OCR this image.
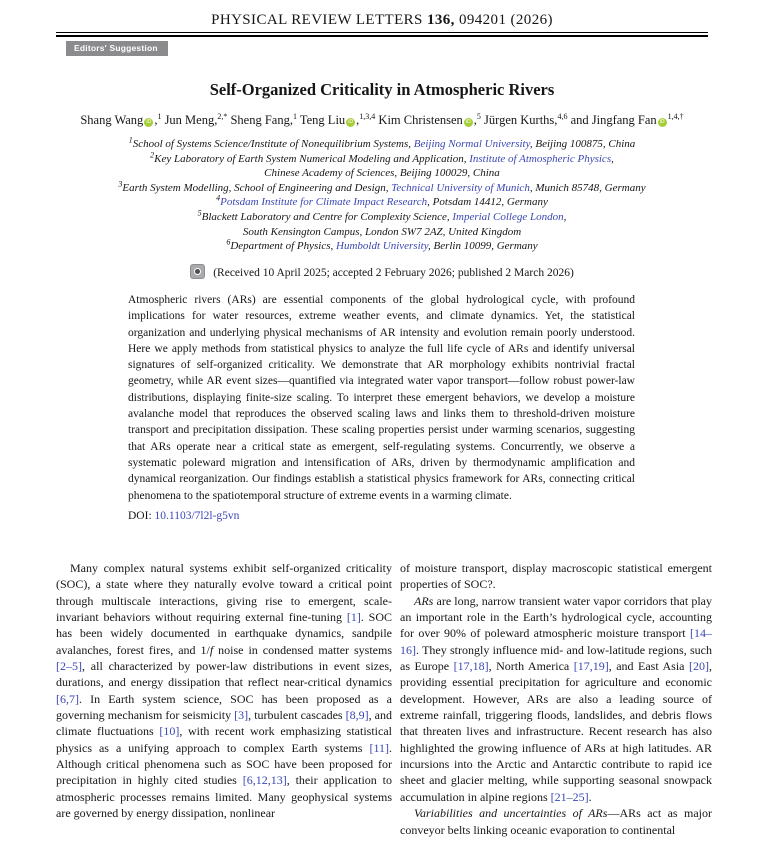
PHYSICAL REVIEW LETTERS 136, 094201 (2026)
Editors' Suggestion
Self-Organized Criticality in Atmospheric Rivers
Shang Wang iD ,$^1$ Jun Meng,$^{2,*}$ Sheng Fang,$^1$ Teng Liu iD ,$^{1,3,4}$ Kim Christensen iD ,$^5$ Jürgen Kurths,$^{4,6}$ and Jingfang Fan $iD^{1,4,\dagger}$
$^1$School of Systems Science/Institute of Nonequilibrium Systems, Beijing Normal University, Beijing 100875, China
$^2$Key Laboratory of Earth System Numerical Modeling and Application, Institute of Atmospheric Physics,
Chinese Academy of Sciences, Beijing 100029, China
$^3$Earth System Modelling, School of Engineering and Design, Technical University of Munich, Munich 85748, Germany
$^4$Potsdam Institute for Climate Impact Research, Potsdam 14412, Germany
$^5$Blackett Laboratory and Centre for Complexity Science, Imperial College London,
South Kensington Campus, London SW7 2AZ, United Kingdom
$^6$Department of Physics, Humboldt University, Berlin 10099, Germany
(Received 10 April 2025; accepted 2 February 2026; published 2 March 2026)
Atmospheric rivers (ARs) are essential components of the global hydrological cycle, with profound implications for water resources, extreme weather events, and climate dynamics. Yet, the statistical organization and underlying physical mechanisms of AR intensity and evolution remain poorly understood. Here we apply methods from statistical physics to analyze the full life cycle of ARs and identify universal signatures of self-organized criticality. We demonstrate that AR morphology exhibits nontrivial fractal geometry, while AR event sizes—quantified via integrated water vapor transport—follow robust power-law distributions, displaying finite-size scaling. To interpret these emergent behaviors, we develop a moisture avalanche model that reproduces the observed scaling laws and links them to threshold-driven moisture transport and precipitation dissipation. These scaling properties persist under warming scenarios, suggesting that ARs operate near a critical state as emergent, self-regulating systems. Concurrently, we observe a systematic poleward migration and intensification of ARs, driven by thermodynamic amplification and dynamical reorganization. Our findings establish a statistical physics framework for ARs, connecting critical phenomena to the spatiotemporal structure of extreme events in a warming climate.
DOI: 10.1103/7l2l-g5vn

Many complex natural systems exhibit self-organized criticality (SOC), a state where they naturally evolve toward a critical point through multiscale interactions, giving rise to emergent, scale-invariant behaviors without requiring external fine-tuning [1]. SOC has been widely documented in earthquake dynamics, sandpile avalanches, forest fires, and 1/f noise in condensed matter systems [2–5], all characterized by power-law distributions in event sizes, durations, and energy dissipation that reflect near-critical dynamics [6,7]. In Earth system science, SOC has been proposed as a governing mechanism for seismicity [3], turbulent cascades [8,9], and climate fluctuations [10], with recent work emphasizing statistical physics as a unifying approach to complex Earth systems [11]. Although critical phenomena such as SOC have been proposed for precipitation in highly cited studies [6,12,13], their application to atmospheric processes remains limited. Many geophysical systems are governed by energy dissipation, nonlinear

of moisture transport, display macroscopic statistical emergent properties of SOC?.

ARs are long, narrow transient water vapor corridors that play an important role in the Earth’s hydrological cycle, accounting for over 90% of poleward atmospheric moisture transport [14–16]. They strongly influence mid- and low-latitude regions, such as Europe [17,18], North America [17,19], and East Asia [20], providing essential precipitation for agriculture and economic development. However, ARs are also a leading source of extreme rainfall, triggering floods, landslides, and debris flows that threaten lives and infrastructure. Recent research has also highlighted the growing influence of ARs at high latitudes. AR incursions into the Arctic and Antarctic contribute to rapid ice sheet and glacier melting, while supporting seasonal snowpack accumulation in alpine regions [21–25].

Variabilities and uncertainties of ARs—ARs act as major conveyor belts linking oceanic evaporation to continental
